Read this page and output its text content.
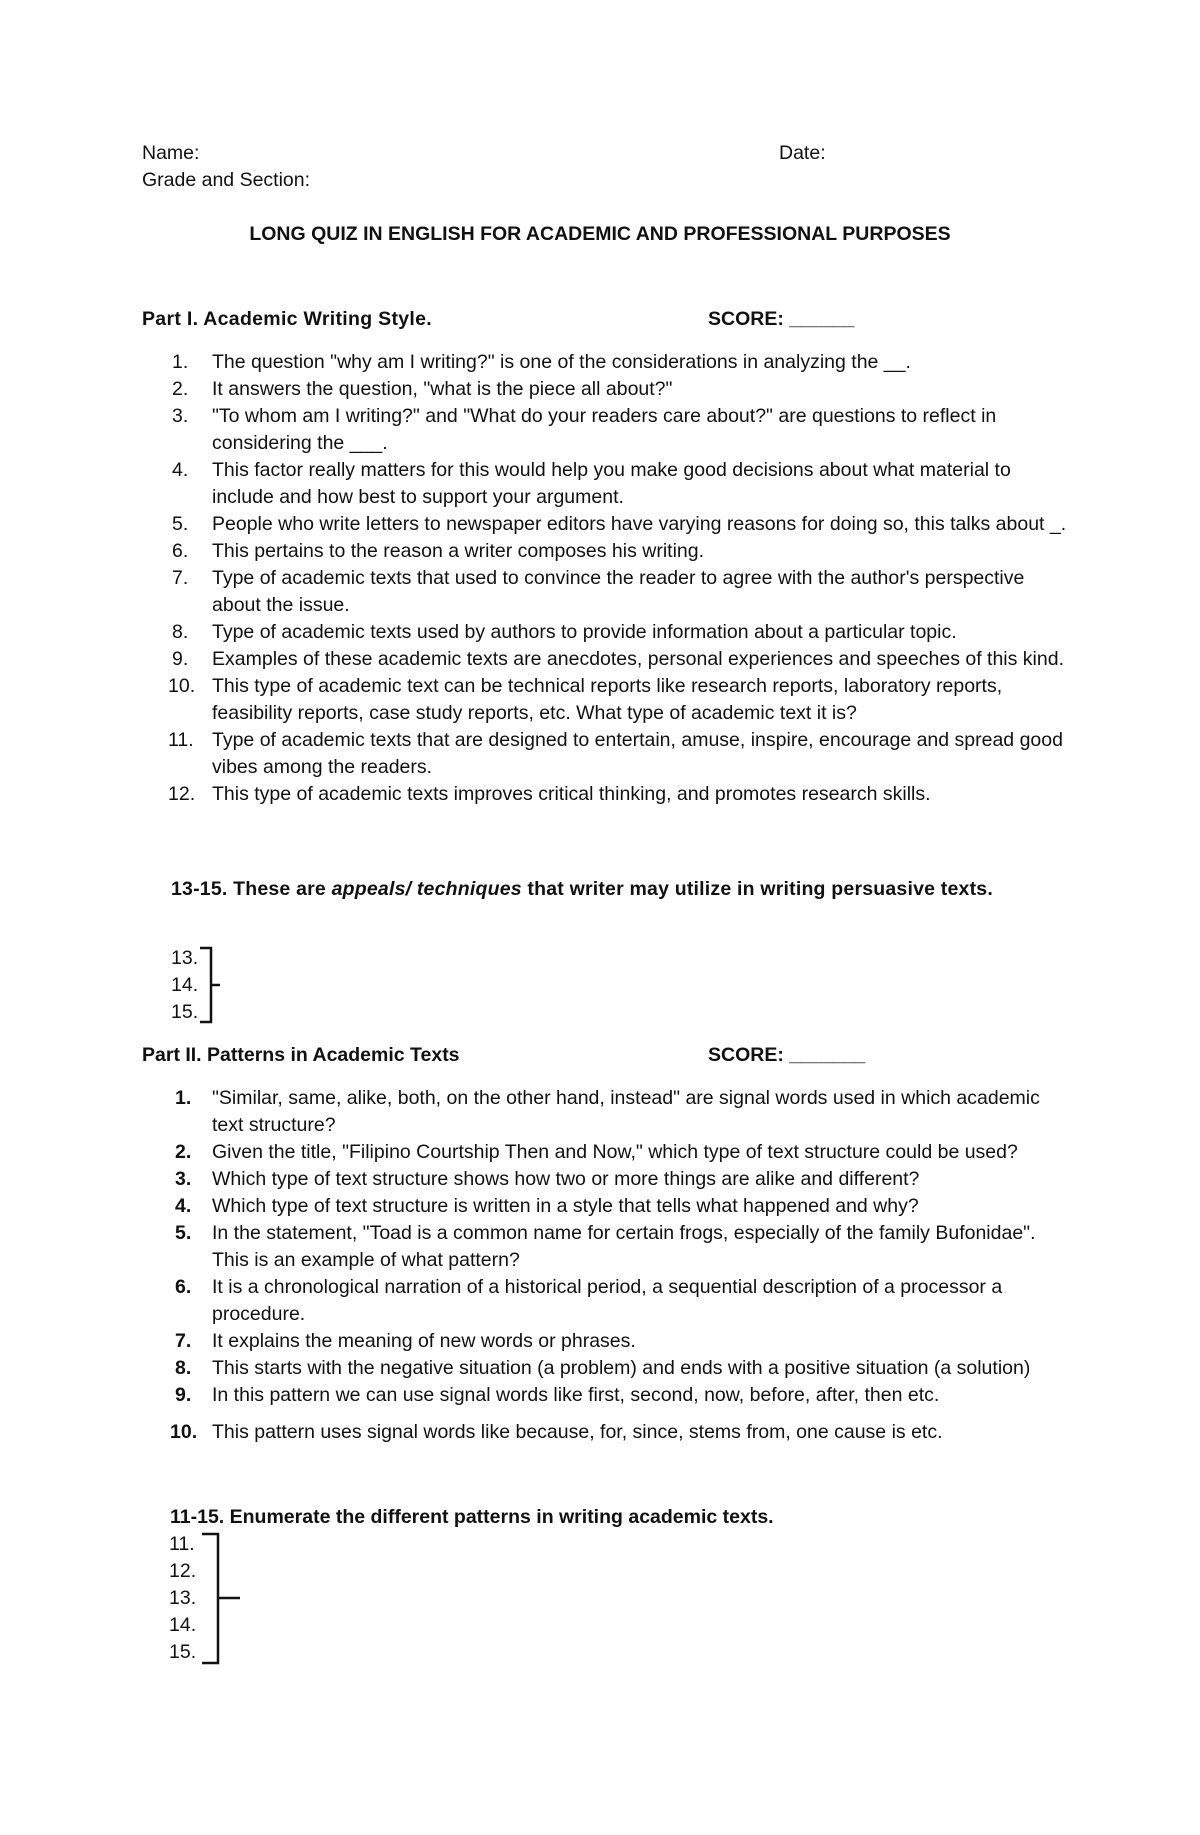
Name:	Date:
Grade and Section:
LONG QUIZ IN ENGLISH FOR ACADEMIC AND PROFESSIONAL PURPOSES
Part I. Academic Writing Style.	SCORE: ______
1. The question "why am I writing?" is one of the considerations in analyzing the __.
2. It answers the question, "what is the piece all about?"
3. "To whom am I writing?" and "What do your readers care about?" are questions to reflect in considering the ___.
4. This factor really matters for this would help you make good decisions about what material to include and how best to support your argument.
5. People who write letters to newspaper editors have varying reasons for doing so, this talks about _.
6. This pertains to the reason a writer composes his writing.
7. Type of academic texts that used to convince the reader to agree with the author's perspective about the issue.
8. Type of academic texts used by authors to provide information about a particular topic.
9. Examples of these academic texts are anecdotes, personal experiences and speeches of this kind.
10. This type of academic text can be technical reports like research reports, laboratory reports, feasibility reports, case study reports, etc. What type of academic text it is?
11. Type of academic texts that are designed to entertain, amuse, inspire, encourage and spread good vibes among the readers.
12. This type of academic texts improves critical thinking, and promotes research skills.
13-15. These are appeals/ techniques that writer may utilize in writing persuasive texts.
13.
14.
15.
Part II. Patterns in Academic Texts	SCORE: _______
1. "Similar, same, alike, both, on the other hand, instead" are signal words used in which academic text structure?
2. Given the title, "Filipino Courtship Then and Now," which type of text structure could be used?
3. Which type of text structure shows how two or more things are alike and different?
4. Which type of text structure is written in a style that tells what happened and why?
5. In the statement, "Toad is a common name for certain frogs, especially of the family Bufonidae". This is an example of what pattern?
6. It is a chronological narration of a historical period, a sequential description of a processor a procedure.
7. It explains the meaning of new words or phrases.
8. This starts with the negative situation (a problem) and ends with a positive situation (a solution)
9. In this pattern we can use signal words like first, second, now, before, after, then etc.
10. This pattern uses signal words like because, for, since, stems from, one cause is etc.
11-15. Enumerate the different patterns in writing academic texts.
11.
12.
13.
14.
15.
